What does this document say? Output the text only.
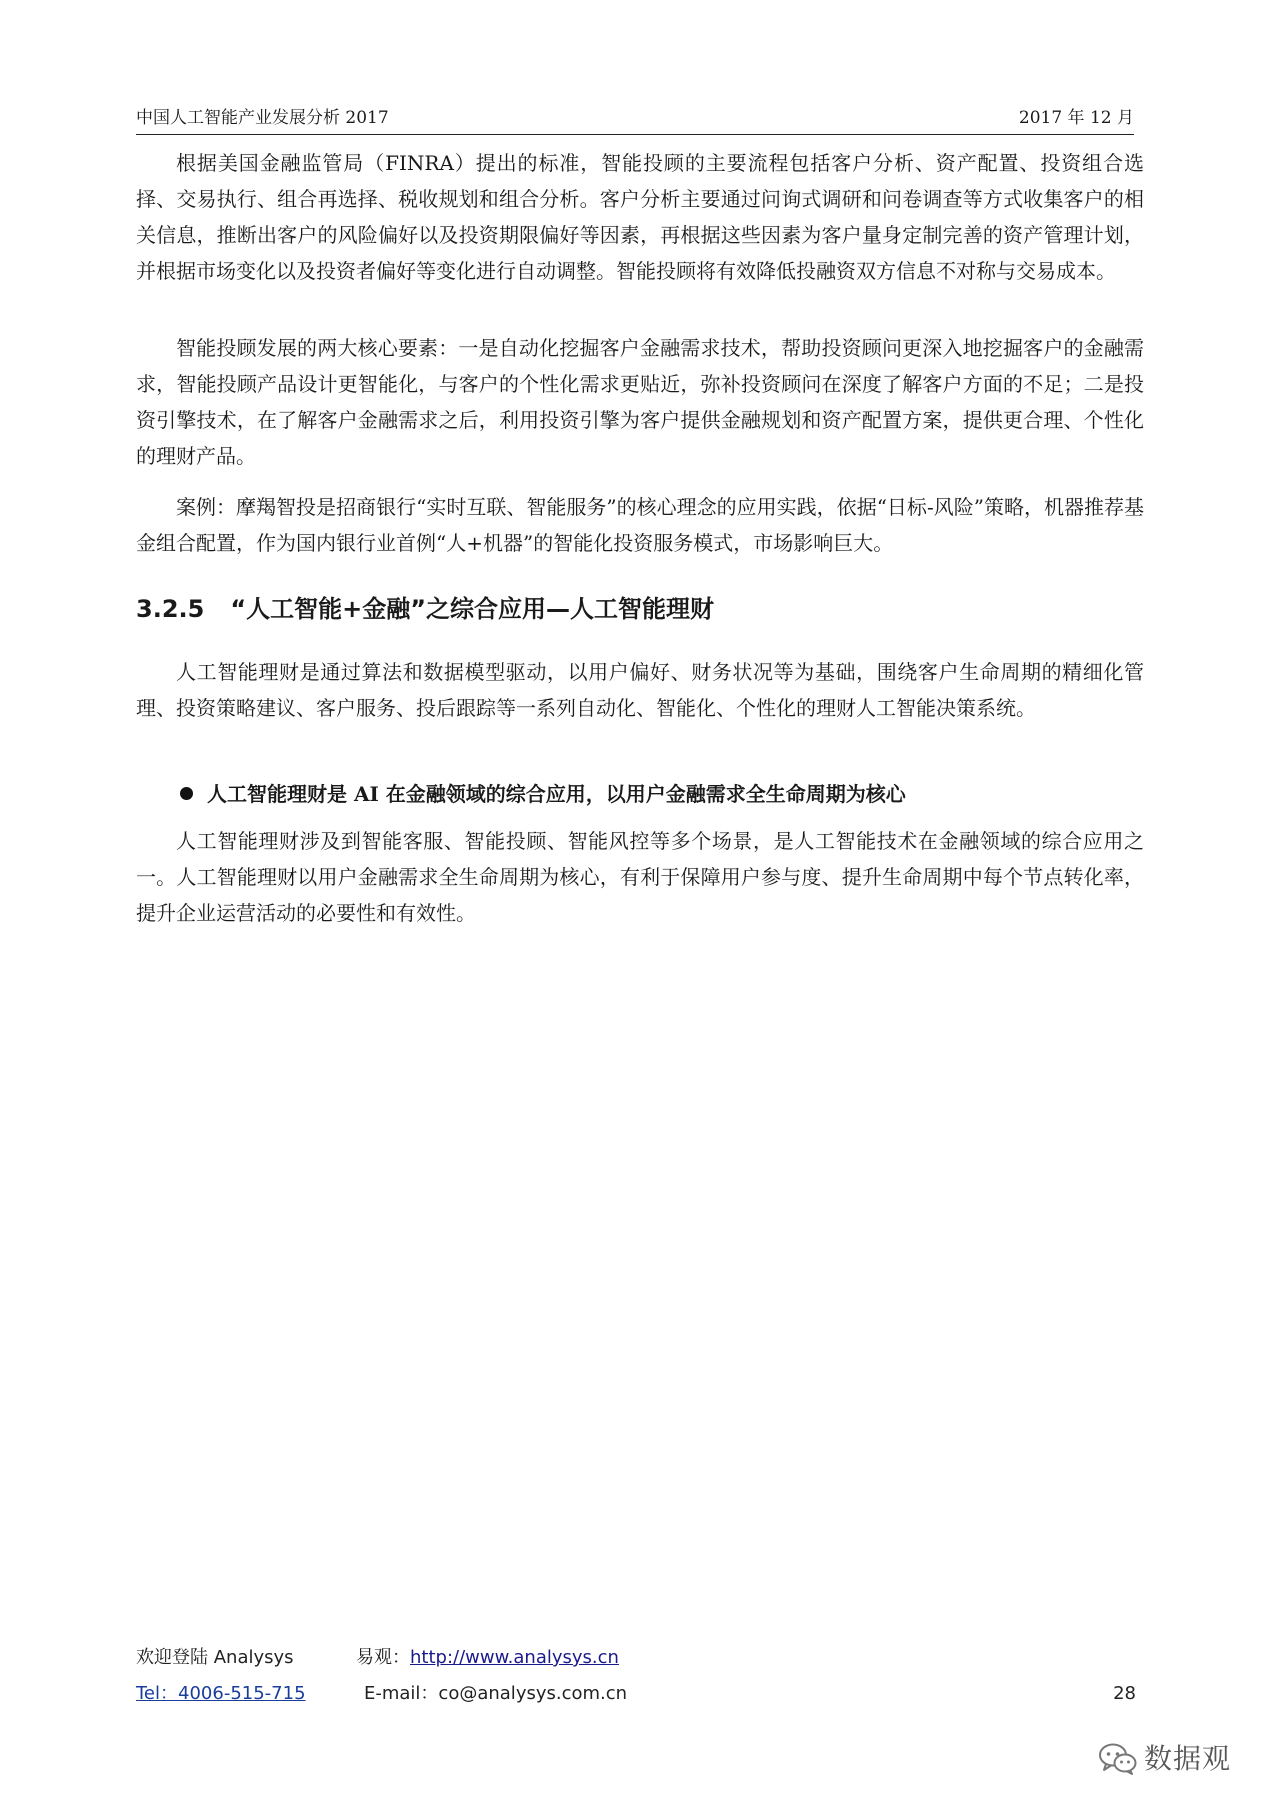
中国人工智能产业发展分析 2017	2017 年 12 月

根据美国金融监管局（FINRA）提出的标准，智能投顾的主要流程包括客户分析、资产配置、投资组合选择、交易执行、组合再选择、税收规划和组合分析。客户分析主要通过问询式调研和问卷调查等方式收集客户的相关信息，推断出客户的风险偏好以及投资期限偏好等因素，再根据这些因素为客户量身定制完善的资产管理计划，并根据市场变化以及投资者偏好等变化进行自动调整。智能投顾将有效降低投融资双方信息不对称与交易成本。

智能投顾发展的两大核心要素：一是自动化挖掘客户金融需求技术，帮助投资顾问更深入地挖掘客户的金融需求，智能投顾产品设计更智能化，与客户的个性化需求更贴近，弥补投资顾问在深度了解客户方面的不足；二是投资引擎技术，在了解客户金融需求之后，利用投资引擎为客户提供金融规划和资产配置方案，提供更合理、个性化的理财产品。

案例：摩羯智投是招商银行“实时互联、智能服务”的核心理念的应用实践，依据“日标-风险”策略，机器推荐基金组合配置，作为国内银行业首例“人+机器”的智能化投资服务模式，市场影响巨大。

3.2.5 “人工智能+金融”之综合应用—人工智能理财

人工智能理财是通过算法和数据模型驱动，以用户偏好、财务状况等为基础，围绕客户生命周期的精细化管理、投资策略建议、客户服务、投后跟踪等一系列自动化、智能化、个性化的理财人工智能决策系统。

人工智能理财是 AI 在金融领域的综合应用，以用户金融需求全生命周期为核心

人工智能理财涉及到智能客服、智能投顾、智能风控等多个场景，是人工智能技术在金融领域的综合应用之一。人工智能理财以用户金融需求全生命周期为核心，有利于保障用户参与度、提升生命周期中每个节点转化率，提升企业运营活动的必要性和有效性。

欢迎登陆 Analysys	易观：http://www.analysys.cn
Tel：4006-515-715	E-mail：co@analysys.com.cn	28
数据观
